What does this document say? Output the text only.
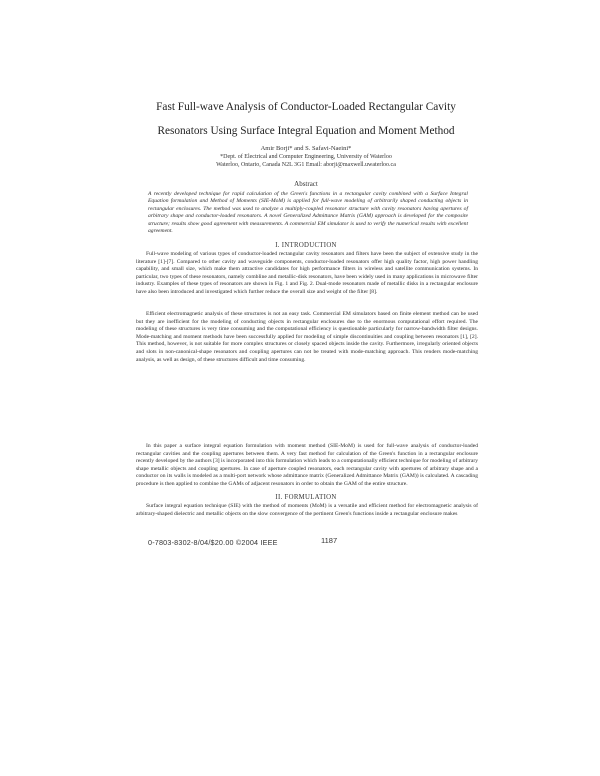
Fast Full-wave Analysis of Conductor-Loaded Rectangular Cavity
Resonators Using Surface Integral Equation and Moment Method
Amir Borji* and S. Safavi-Naeini*
*Dept. of Electrical and Computer Engineering, University of Waterloo
Waterloo, Ontario, Canada N2L 3G1 Email: aborji@maxwell.uwaterloo.ca
Abstract
A recently developed technique for rapid calculation of the Green's functions in a rectangular cavity combined with a Surface Integral Equation formulation and Method of Moments (SIE-MoM) is applied for full-wave modeling of arbitrarily shaped conducting objects in rectangular enclosures. The method was used to analyze a multiply-coupled resonator structure with cavity resonators having apertures of arbitrary shape and conductor-loaded resonators. A novel Generalized Admittance Matrix (GAM) approach is developed for the composite structure; results show good agreement with measurements. A commercial EM simulator is used to verify the numerical results with excellent agreement.
I. INTRODUCTION
Full-wave modeling of various types of conductor-loaded rectangular cavity resonators and filters have been the subject of extensive study in the literature [1]-[7]. Compared to other cavity and waveguide components, conductor-loaded resonators offer high quality factor, high power handling capability, and small size, which make them attractive candidates for high performance filters in wireless and satellite communication systems. In particular, two types of these resonators, namely combline and metallic-disk resonators, have been widely used in many applications in microwave filter industry. Examples of these types of resonators are shown in Fig. 1 and Fig. 2. Dual-mode resonators made of metallic disks in a rectangular enclosure have also been introduced and investigated which further reduce the overall size and weight of the filter [8].
Efficient electromagnetic analysis of these structures is not an easy task. Commercial EM simulators based on finite element method can be used but they are inefficient for the modeling of conducting objects in rectangular enclosures due to the enormous computational effort required. The modeling of these structures is very time consuming and the computational efficiency is questionable particularly for narrow-bandwidth filter designs. Mode-matching and moment methods have been successfully applied for modeling of simple discontinuities and coupling between resonators [1], [2]. This method, however, is not suitable for more complex structures or closely spaced objects inside the cavity. Furthermore, irregularly oriented objects and slots in non-canonical-shape resonators and coupling apertures can not be treated with mode-matching approach. This renders mode-matching analysis, as well as design, of these structures difficult and time consuming.
In this paper a surface integral equation formulation with moment method (SIE-MoM) is used for full-wave analysis of conductor-loaded rectangular cavities and the coupling apertures between them. A very fast method for calculation of the Green's function in a rectangular enclosure recently developed by the authors [3] is incorporated into this formulation which leads to a computationally efficient technique for modeling of arbitrary shape metallic objects and coupling apertures. In case of aperture coupled resonators, each rectangular cavity with apertures of arbitrary shape and a conductor on its walls is modeled as a multi-port network whose admittance matrix (Generalized Admittance Matrix (GAM)) is calculated. A cascading procedure is then applied to combine the GAMs of adjacent resonators in order to obtain the GAM of the entire structure.
II. FORMULATION
Surface integral equation technique (SIE) with the method of moments (MoM) is a versatile and efficient method for electromagnetic analysis of arbitrary-shaped dielectric and metallic objects on the slow convergence of the pertinent Green's functions inside a rectangular enclosure makes
0-7803-8302-8/04/$20.00 ©2004 IEEE	1187
